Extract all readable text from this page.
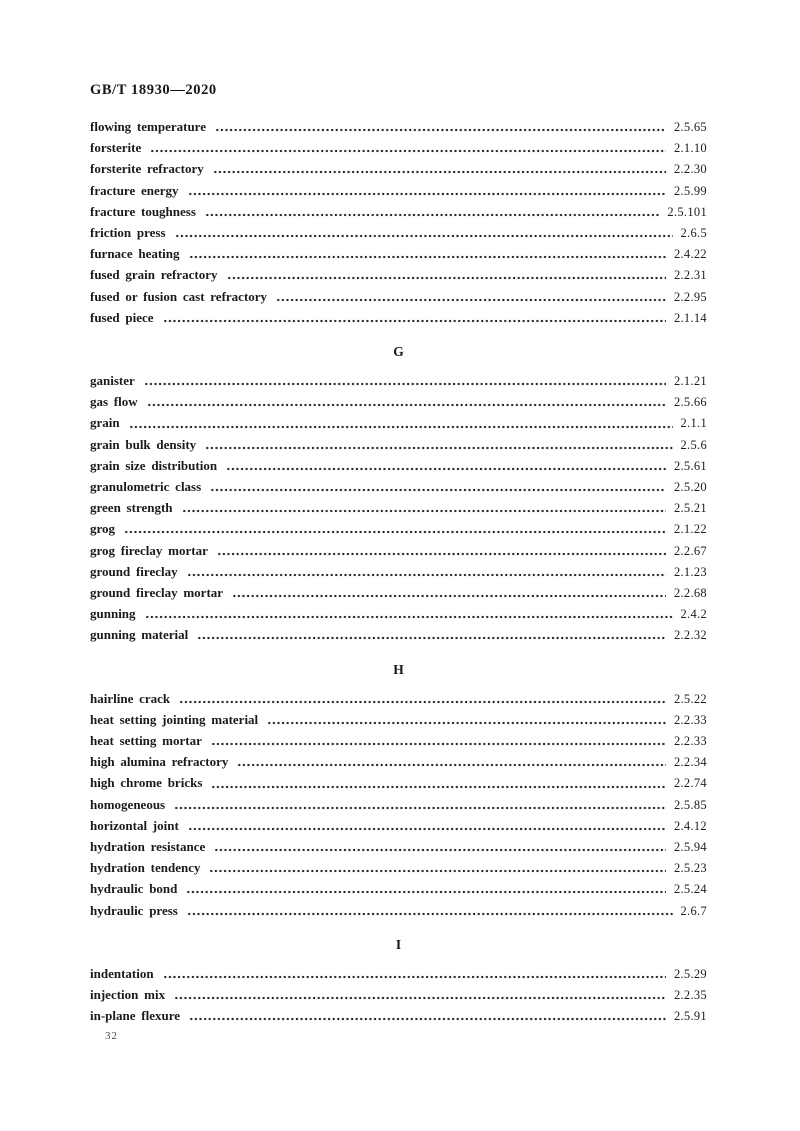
GB/T 18930—2020
flowing temperature	2.5.65
forsterite	2.1.10
forsterite refractory	2.2.30
fracture energy	2.5.99
fracture toughness	2.5.101
friction press	2.6.5
furnace heating	2.4.22
fused grain refractory	2.2.31
fused or fusion cast refractory	2.2.95
fused piece	2.1.14
G
ganister	2.1.21
gas flow	2.5.66
grain	2.1.1
grain bulk density	2.5.6
grain size distribution	2.5.61
granulometric class	2.5.20
green strength	2.5.21
grog	2.1.22
grog fireclay mortar	2.2.67
ground fireclay	2.1.23
ground fireclay mortar	2.2.68
gunning	2.4.2
gunning material	2.2.32
H
hairline crack	2.5.22
heat setting jointing material	2.2.33
heat setting mortar	2.2.33
high alumina refractory	2.2.34
high chrome bricks	2.2.74
homogeneous	2.5.85
horizontal joint	2.4.12
hydration resistance	2.5.94
hydration tendency	2.5.23
hydraulic bond	2.5.24
hydraulic press	2.6.7
I
indentation	2.5.29
injection mix	2.2.35
in-plane flexure	2.5.91
32
